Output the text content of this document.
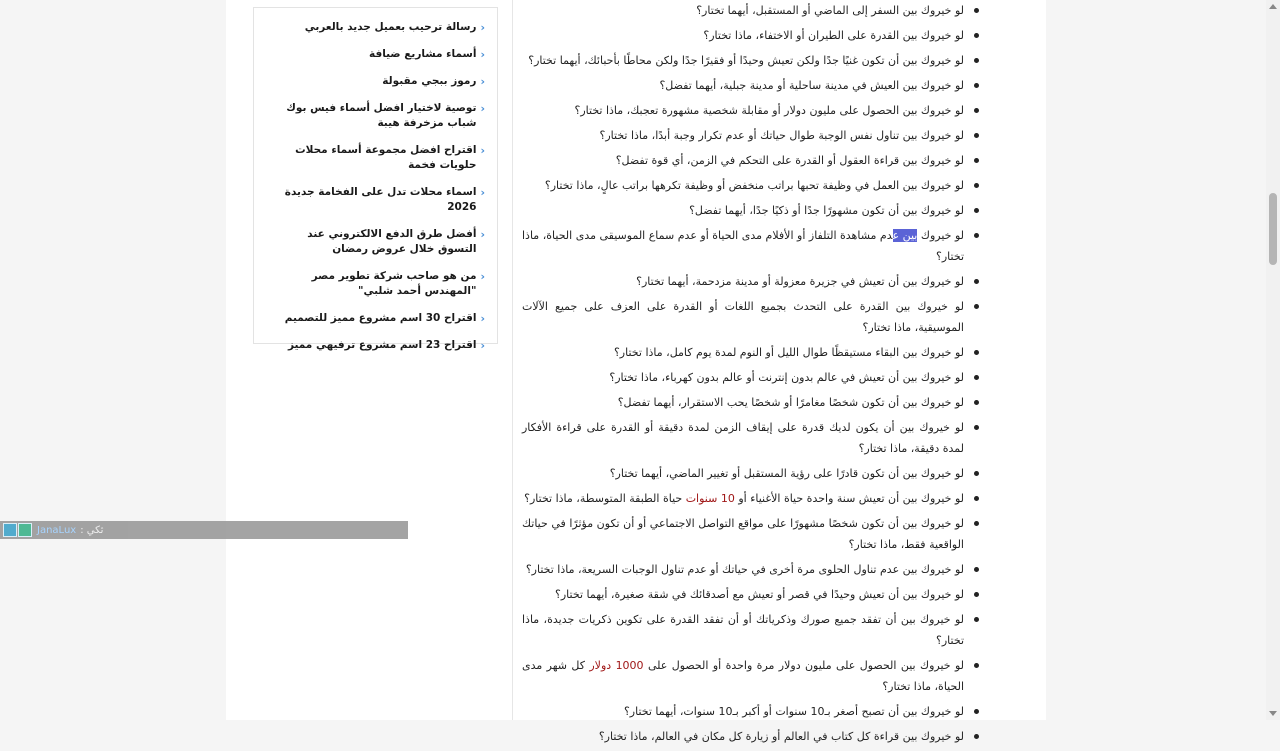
‹
رسالة ترحيب بعميل جديد بالعربي
‹
أسماء مشاريع ضيافة
‹
رموز ببجي مقبولة
‹
توصية لاختيار افضل أسماء فيس بوك شباب مزخرفة هيبة
‹
اقتراح افضل مجموعة أسماء محلات حلويات فخمة
‹
اسماء محلات تدل على الفخامة جديدة 2026
‹
أفضل طرق الدفع الالكتروني عند التسوق خلال عروض رمضان
‹
من هو صاحب شركة تطوير مصر "المهندس أحمد شلبي"
‹
اقتراح 30 اسم مشروع مميز للتصميم
‹
اقتراح 23 اسم مشروع ترفيهي مميز
لو خيروك بين السفر إلى الماضي أو المستقبل، أيهما تختار؟
لو خيروك بين القدرة على الطيران أو الاختفاء، ماذا تختار؟
لو خيروك بين أن تكون غنيًا جدًا ولكن تعيش وحيدًا أو فقيرًا جدًا ولكن محاطًا بأحبائك، أيهما تختار؟
لو خيروك بين العيش في مدينة ساحلية أو مدينة جبلية، أيهما تفضل؟
لو خيروك بين الحصول على مليون دولار أو مقابلة شخصية مشهورة تعجبك، ماذا تختار؟
لو خيروك بين تناول نفس الوجبة طوال حياتك أو عدم تكرار وجبة أبدًا، ماذا تختار؟
لو خيروك بين قراءة العقول أو القدرة على التحكم في الزمن، أي قوة تفضل؟
لو خيروك بين العمل في وظيفة تحبها براتب منخفض أو وظيفة تكرهها براتب عالٍ، ماذا تختار؟
لو خيروك بين أن تكون مشهورًا جدًا أو ذكيًا جدًا، أيهما تفضل؟
لو خيروك بين عدم مشاهدة التلفاز أو الأفلام مدى الحياة أو عدم سماع الموسيقى مدى الحياة، ماذا تختار؟
لو خيروك بين أن تعيش في جزيرة معزولة أو مدينة مزدحمة، أيهما تختار؟
لو خيروك بين القدرة على التحدث بجميع اللغات أو القدرة على العزف على جميع الآلات الموسيقية، ماذا تختار؟
لو خيروك بين البقاء مستيقظًا طوال الليل أو النوم لمدة يوم كامل، ماذا تختار؟
لو خيروك بين أن تعيش في عالم بدون إنترنت أو عالم بدون كهرباء، ماذا تختار؟
لو خيروك بين أن تكون شخصًا مغامرًا أو شخصًا يحب الاستقرار، أيهما تفضل؟
لو خيروك بين أن يكون لديك قدرة على إيقاف الزمن لمدة دقيقة أو القدرة على قراءة الأفكار لمدة دقيقة، ماذا تختار؟
لو خيروك بين أن تكون قادرًا على رؤية المستقبل أو تغيير الماضي، أيهما تختار؟
لو خيروك بين أن تعيش سنة واحدة حياة الأغنياء أو 10 سنوات حياة الطبقة المتوسطة، ماذا تختار؟
لو خيروك بين أن تكون شخصًا مشهورًا على مواقع التواصل الاجتماعي أو أن تكون مؤثرًا في حياتك الواقعية فقط، ماذا تختار؟
لو خيروك بين عدم تناول الحلوى مرة أخرى في حياتك أو عدم تناول الوجبات السريعة، ماذا تختار؟
لو خيروك بين أن تعيش وحيدًا في قصر أو تعيش مع أصدقائك في شقة صغيرة، أيهما تختار؟
لو خيروك بين أن تفقد جميع صورك وذكرياتك أو أن تفقد القدرة على تكوين ذكريات جديدة، ماذا تختار؟
لو خيروك بين الحصول على مليون دولار مرة واحدة أو الحصول على 1000 دولار كل شهر مدى الحياة، ماذا تختار؟
لو خيروك بين أن تصبح أصغر بـ10 سنوات أو أكبر بـ10 سنوات، أيهما تختار؟
لو خيروك بين قراءة كل كتاب في العالم أو زيارة كل مكان في العالم، ماذا تختار؟
JanaLux : ثكي
